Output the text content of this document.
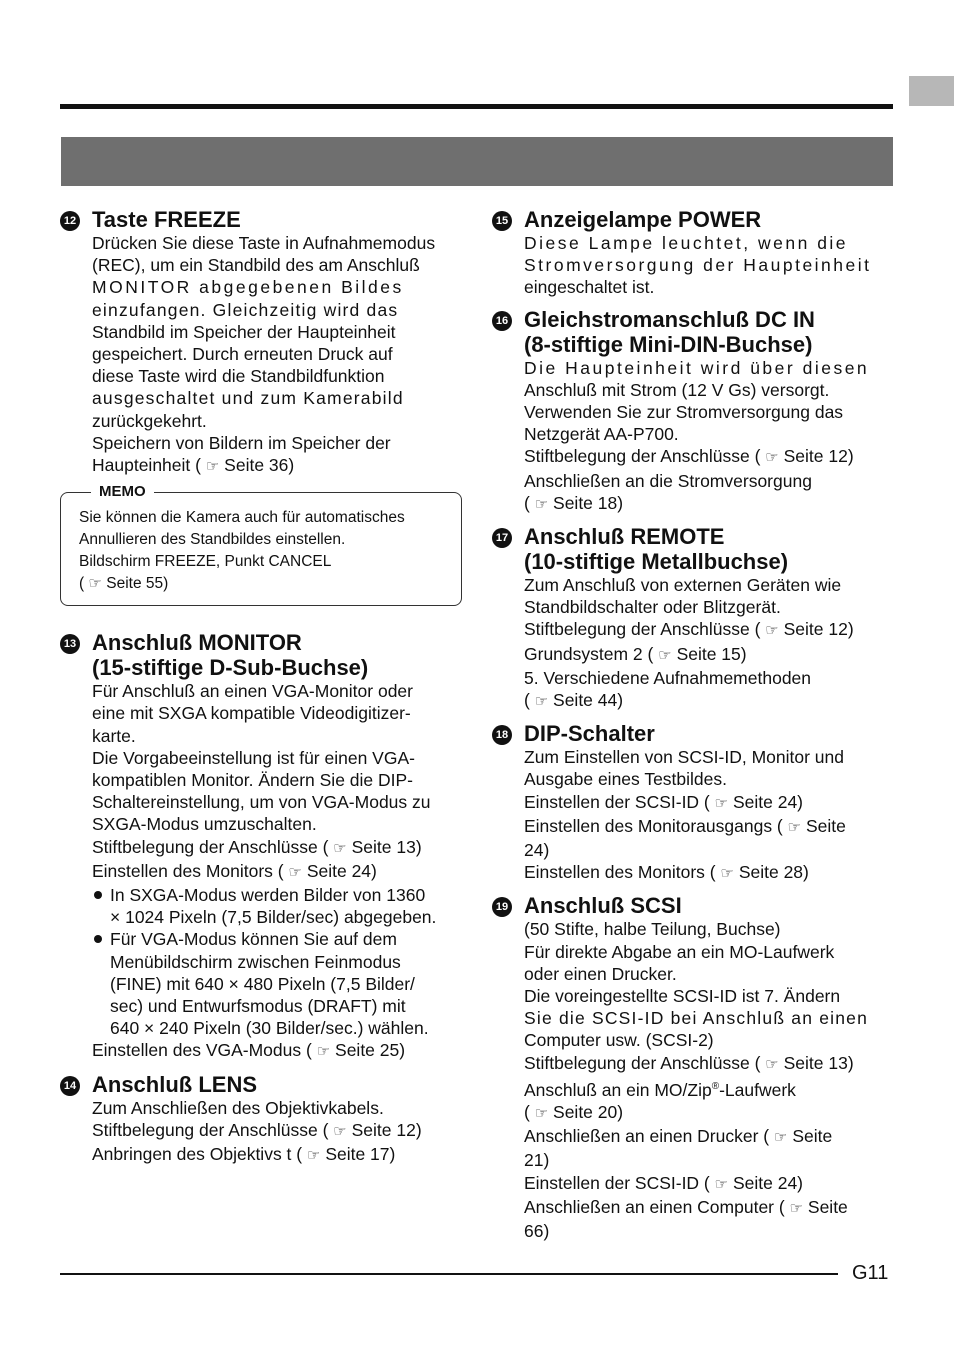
12 Taste FREEZE
Drücken Sie diese Taste in Aufnahmemodus
(REC), um ein Standbild des am Anschluß
MONITOR abgegebenen Bildes
einzufangen. Gleichzeitig wird das
Standbild im Speicher der Haupteinheit
gespeichert. Durch erneuten Druck auf
diese Taste wird die Standbildfunktion
ausgeschaltet und zum Kamerabild
zurückgekehrt.
Speichern von Bildern im Speicher der
Haupteinheit ( ☞ Seite 36)
MEMO
Sie können die Kamera auch für automatisches
Annullieren des Standbildes einstellen.
Bildschirm FREEZE, Punkt CANCEL
( ☞ Seite 55)
13 Anschluß MONITOR
(15-stiftige D-Sub-Buchse)
Für Anschluß an einen VGA-Monitor oder
eine mit SXGA kompatible Videodigitizer-
karte.
Die Vorgabeeinstellung ist für einen VGA-
kompatiblen Monitor. Ändern Sie die DIP-
Schaltereinstellung, um von VGA-Modus zu
SXGA-Modus umzuschalten.
Stiftbelegung der Anschlüsse ( ☞ Seite 13)
Einstellen des Monitors ( ☞ Seite 24)
In SXGA-Modus werden Bilder von 1360
× 1024 Pixeln (7,5 Bilder/sec) abgegeben.
Für VGA-Modus können Sie auf dem
Menübildschirm zwischen Feinmodus
(FINE) mit 640 × 480 Pixeln (7,5 Bilder/
sec) und Entwurfsmodus (DRAFT) mit
640 × 240 Pixeln (30 Bilder/sec.) wählen.
Einstellen des VGA-Modus ( ☞ Seite 25)
14 Anschluß LENS
Zum Anschließen des Objektivkabels.
Stiftbelegung der Anschlüsse ( ☞ Seite 12)
Anbringen des Objektivs t ( ☞ Seite 17)
15 Anzeigelampe POWER
Diese Lampe leuchtet, wenn die
Stromversorgung der Haupteinheit
eingeschaltet ist.
16 Gleichstromanschluß DC IN
(8-stiftige Mini-DIN-Buchse)
Die Haupteinheit wird über diesen
Anschluß mit Strom (12 V Gs) versorgt.
Verwenden Sie zur Stromversorgung das
Netzgerät AA-P700.
Stiftbelegung der Anschlüsse ( ☞ Seite 12)
Anschließen an die Stromversorgung
( ☞ Seite 18)
17 Anschluß REMOTE
(10-stiftige Metallbuchse)
Zum Anschluß von externen Geräten wie
Standbildschalter oder Blitzgerät.
Stiftbelegung der Anschlüsse ( ☞ Seite 12)
Grundsystem 2 ( ☞ Seite 15)
5. Verschiedene Aufnahmemethoden
( ☞ Seite 44)
18 DIP-Schalter
Zum Einstellen von SCSI-ID, Monitor und
Ausgabe eines Testbildes.
Einstellen der SCSI-ID ( ☞ Seite 24)
Einstellen des Monitorausgangs ( ☞ Seite
24)
Einstellen des Monitors ( ☞ Seite 28)
19 Anschluß SCSI
(50 Stifte, halbe Teilung, Buchse)
Für direkte Abgabe an ein MO-Laufwerk
oder einen Drucker.
Die voreingestellte SCSI-ID ist 7. Ändern
Sie die SCSI-ID bei Anschluß an einen
Computer usw. (SCSI-2)
Stiftbelegung der Anschlüsse ( ☞ Seite 13)
Anschluß an ein MO/Zip®-Laufwerk
( ☞ Seite 20)
Anschließen an einen Drucker ( ☞ Seite
21)
Einstellen der SCSI-ID ( ☞ Seite 24)
Anschließen an einen Computer ( ☞ Seite
66)
G11
